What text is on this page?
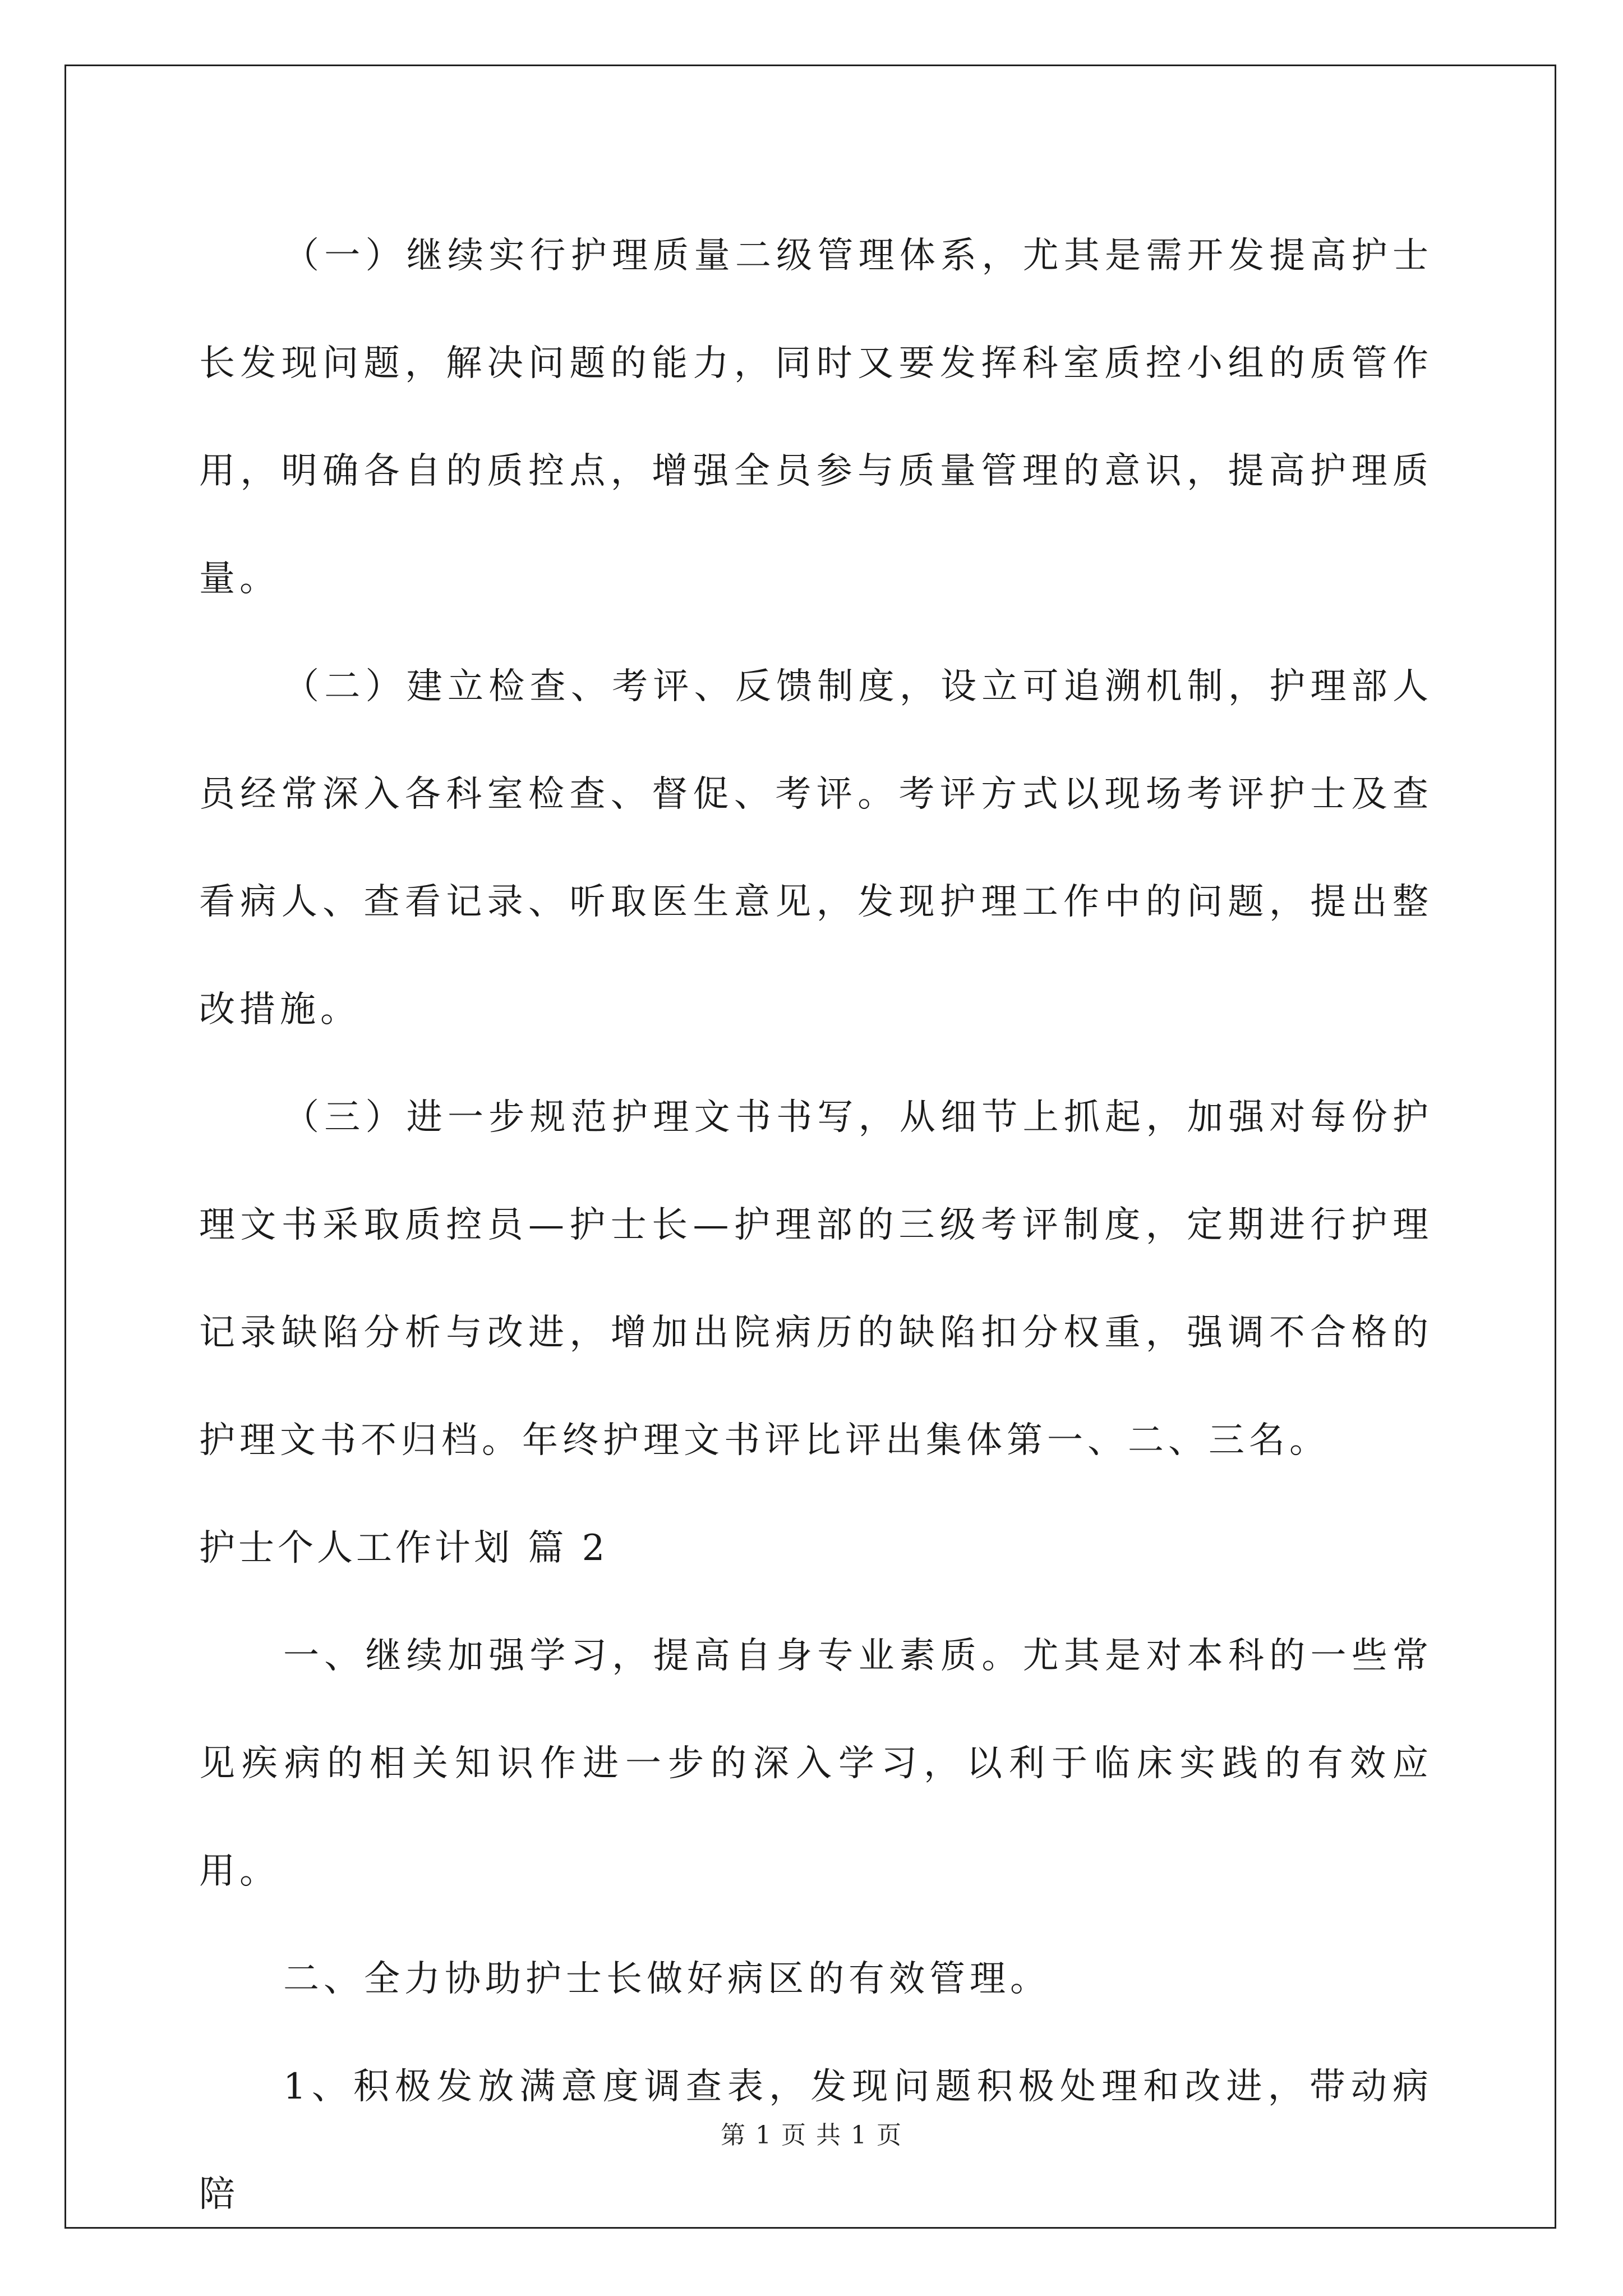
（一）继续实行护理质量二级管理体系，尤其是需开发提高护士长发现问题，解决问题的能力，同时又要发挥科室质控小组的质管作用，明确各自的质控点，增强全员参与质量管理的意识，提高护理质量。

（二）建立检查、考评、反馈制度，设立可追溯机制，护理部人员经常深入各科室检查、督促、考评。考评方式以现场考评护士及查看病人、查看记录、听取医生意见，发现护理工作中的问题，提出整改措施。

（三）进一步规范护理文书书写，从细节上抓起，加强对每份护理文书采取质控员—护士长—护理部的三级考评制度，定期进行护理记录缺陷分析与改进，增加出院病历的缺陷扣分权重，强调不合格的护理文书不归档。年终护理文书评比评出集体第一、二、三名。

护士个人工作计划 篇 2

一、继续加强学习，提高自身专业素质。尤其是对本科的一些常见疾病的相关知识作进一步的深入学习，以利于临床实践的有效应用。

二、全力协助护士长做好病区的有效管理。

1、积极发放满意度调查表，发现问题积极处理和改进，带动病陪

第 1 页 共 1 页
